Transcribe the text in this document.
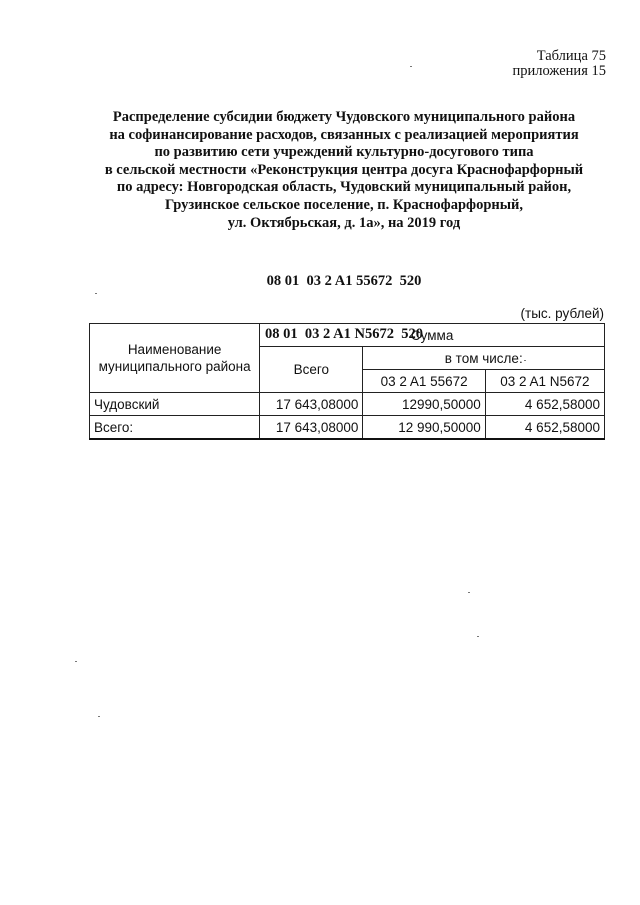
Таблица 75
приложения 15
Распределение субсидии бюджету Чудовского муниципального района
на софинансирование расходов, связанных с реализацией мероприятия
по развитию сети учреждений культурно-досугового типа
в сельской местности «Реконструкция центра досуга Краснофарфорный
по адресу: Новгородская область, Чудовский муниципальный район,
Грузинское сельское поселение, п. Краснофарфорный,
ул. Октябрьская, д. 1а», на 2019 год

08 01  03 2 A1 55672  520

08 01  03 2 A1 N5672  520

(тыс. рублей)
Наименование муниципального района	Сумма		
	Всего	в том числе:	
		03 2 A1 55672	03 2 A1 N5672
Чудовский	17 643,08000	12990,50000	4 652,58000
Всего:	17 643,08000	12 990,50000	4 652,58000
